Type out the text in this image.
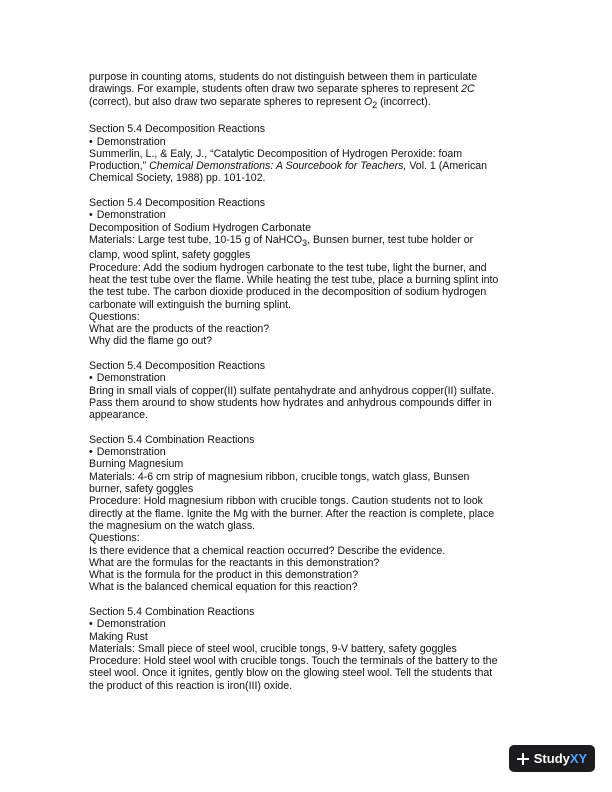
purpose in counting atoms, students do not distinguish between them in particulate
drawings. For example, students often draw two separate spheres to represent 2C
(correct), but also draw two separate spheres to represent $O_2$ (incorrect).
Section 5.4 Decomposition Reactions
• Demonstration
Summerlin, L., & Ealy, J., “Catalytic Decomposition of Hydrogen Peroxide: foam
Production,” Chemical Demonstrations: A Sourcebook for Teachers, Vol. 1 (American
Chemical Society, 1988) pp. 101-102.
Section 5.4 Decomposition Reactions
• Demonstration
Decomposition of Sodium Hydrogen Carbonate
Materials: Large test tube, 10-15 g of NaHCO$_3$, Bunsen burner, test tube holder or
clamp, wood splint, safety goggles
Procedure: Add the sodium hydrogen carbonate to the test tube, light the burner, and
heat the test tube over the flame. While heating the test tube, place a burning splint into
the test tube. The carbon dioxide produced in the decomposition of sodium hydrogen
carbonate will extinguish the burning splint.
Questions:
What are the products of the reaction?
Why did the flame go out?
Section 5.4 Decomposition Reactions
• Demonstration
Bring in small vials of copper(II) sulfate pentahydrate and anhydrous copper(II) sulfate.
Pass them around to show students how hydrates and anhydrous compounds differ in
appearance.
Section 5.4 Combination Reactions
• Demonstration
Burning Magnesium
Materials: 4-6 cm strip of magnesium ribbon, crucible tongs, watch glass, Bunsen
burner, safety goggles
Procedure: Hold magnesium ribbon with crucible tongs. Caution students not to look
directly at the flame. Ignite the Mg with the burner. After the reaction is complete, place
the magnesium on the watch glass.
Questions:
Is there evidence that a chemical reaction occurred? Describe the evidence.
What are the formulas for the reactants in this demonstration?
What is the formula for the product in this demonstration?
What is the balanced chemical equation for this reaction?
Section 5.4 Combination Reactions
• Demonstration
Making Rust
Materials: Small piece of steel wool, crucible tongs, 9-V battery, safety goggles
Procedure: Hold steel wool with crucible tongs. Touch the terminals of the battery to the
steel wool. Once it ignites, gently blow on the glowing steel wool. Tell the students that
the product of this reaction is iron(III) oxide.
Study XY
